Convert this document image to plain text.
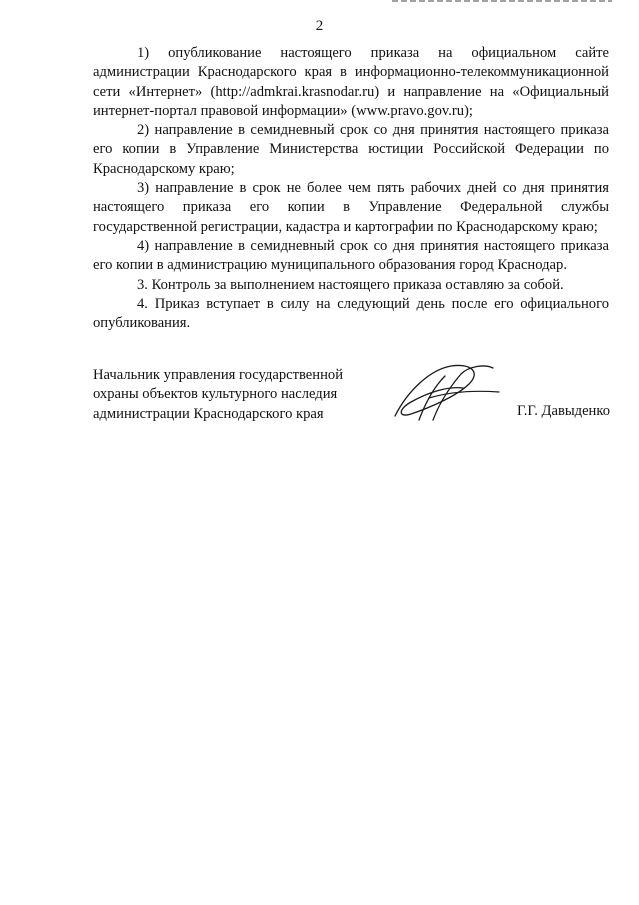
2

1) опубликование настоящего приказа на официальном сайте администрации Краснодарского края в информационно-телекоммуникационной сети «Интернет» (http://admkrai.krasnodar.ru) и направление на «Официальный интернет-портал правовой информации» (www.pravo.gov.ru);

2) направление в семидневный срок со дня принятия настоящего приказа его копии в Управление Министерства юстиции Российской Федерации по Краснодарскому краю;

3) направление в срок не более чем пять рабочих дней со дня принятия настоящего приказа его копии в Управление Федеральной службы государственной регистрации, кадастра и картографии по Краснодарскому краю;

4) направление в семидневный срок со дня принятия настоящего приказа его копии в администрацию муниципального образования город Краснодар.

3. Контроль за выполнением настоящего приказа оставляю за собой.

4. Приказ вступает в силу на следующий день после его официального опубликования.

Начальник управления государственной
охраны объектов культурного наследия
администрации Краснодарского края	Г.Г. Давыденко
